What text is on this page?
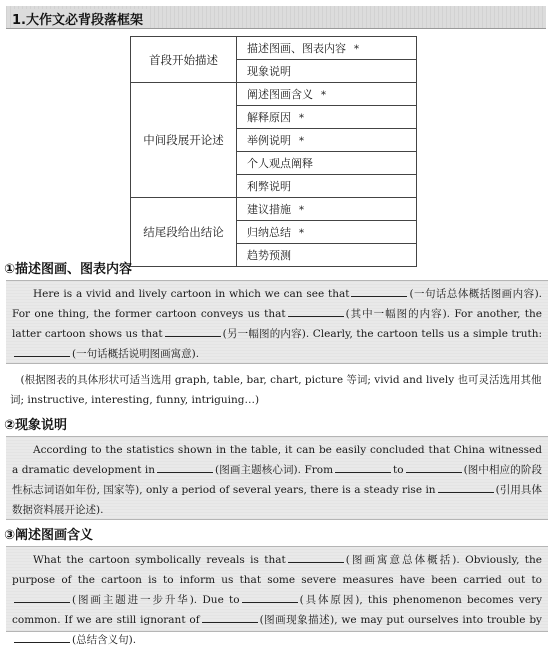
1.大作文必背段落框架
首段开始描述	描述图画、图表内容 *
	现象说明
中间段展开论述	阐述图画含义 *
	解释原因 *
	举例说明 *
	个人观点阐释
	利弊说明
结尾段给出结论	建议措施 *
	归纳总结 *
	趋势预测
①描述图画、图表内容

Here is a vivid and lively cartoon in which we can see that	(一句话总体概括图画内容). For one thing, the former cartoon conveys us that	(其中一幅图的内容). For another, the latter cartoon shows us that	(另一幅图的内容). Clearly, the cartoon tells us a simple truth:(一句话概括说明图画寓意).

(根据图表的具体形状可适当选用 graph, table, bar, chart, picture 等词; vivid and lively 也可灵活选用其他词; instructive, interesting, funny, intriguing…)

②现象说明

According to the statistics shown in the table, it can be easily concluded that China witnessed a dramatic development in	(图画主题核心词). From	to	(图中相应的阶段性标志词语如年份, 国家等), only a period of several years, there is a steady rise in	(引用具体数据资料展开论述).

③阐述图画含义

What the cartoon symbolically reveals is that	(图画寓意总体概括). Obviously, the purpose of the cartoon is to inform us that some severe measures have been carried out to(图画主题进一步升华). Due to	(具体原因), this phenomenon becomes very common. If we are still ignorant of	(图画现象描述), we may put ourselves into trouble by(总结含义句).
